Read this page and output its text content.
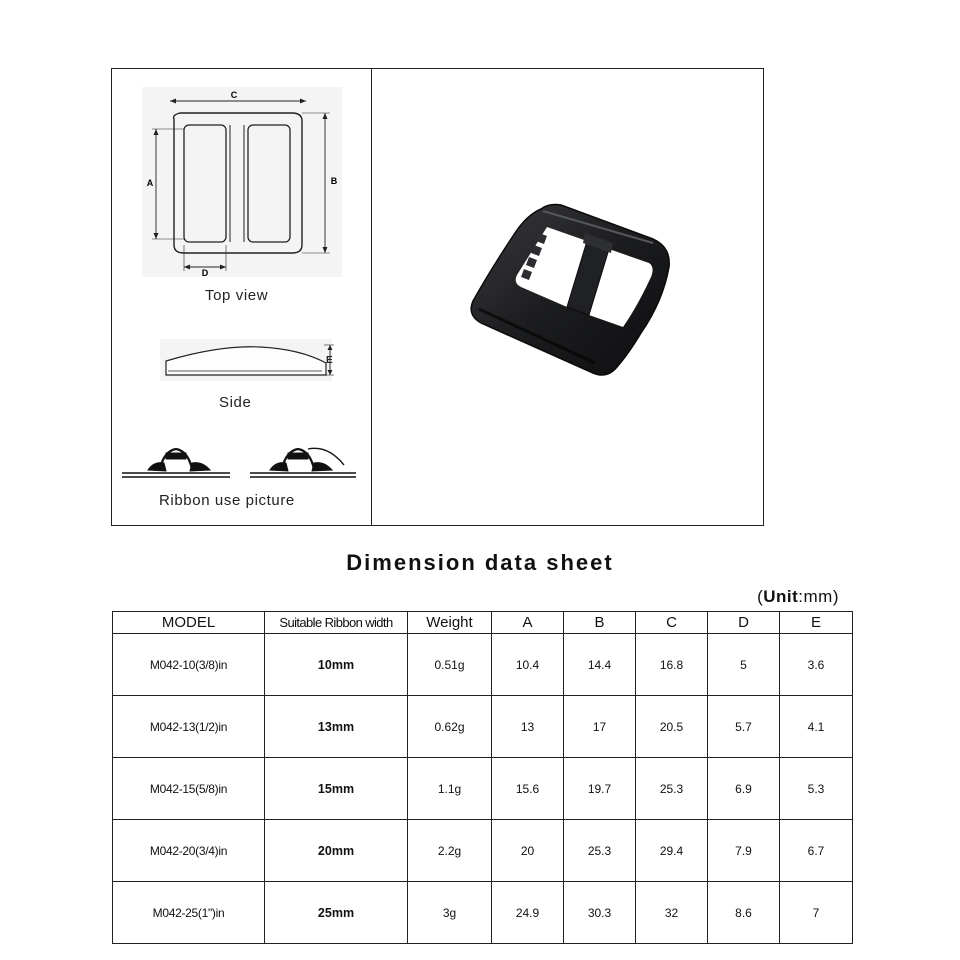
C
A	B
D
Top view
E
Side
Ribbon use picture
Dimension data sheet
(Unit:mm)
MODEL	Suitable Ribbon width	Weight	A	B	C	D	E
M042-10(3/8)in	10mm	0.51g	10.4	14.4	16.8	5	3.6
M042-13(1/2)in	13mm	0.62g	13	17	20.5	5.7	4.1
M042-15(5/8)in	15mm	1.1g	15.6	19.7	25.3	6.9	5.3
M042-20(3/4)in	20mm	2.2g	20	25.3	29.4	7.9	6.7
M042-25(1")in	25mm	3g	24.9	30.3	32	8.6	7
